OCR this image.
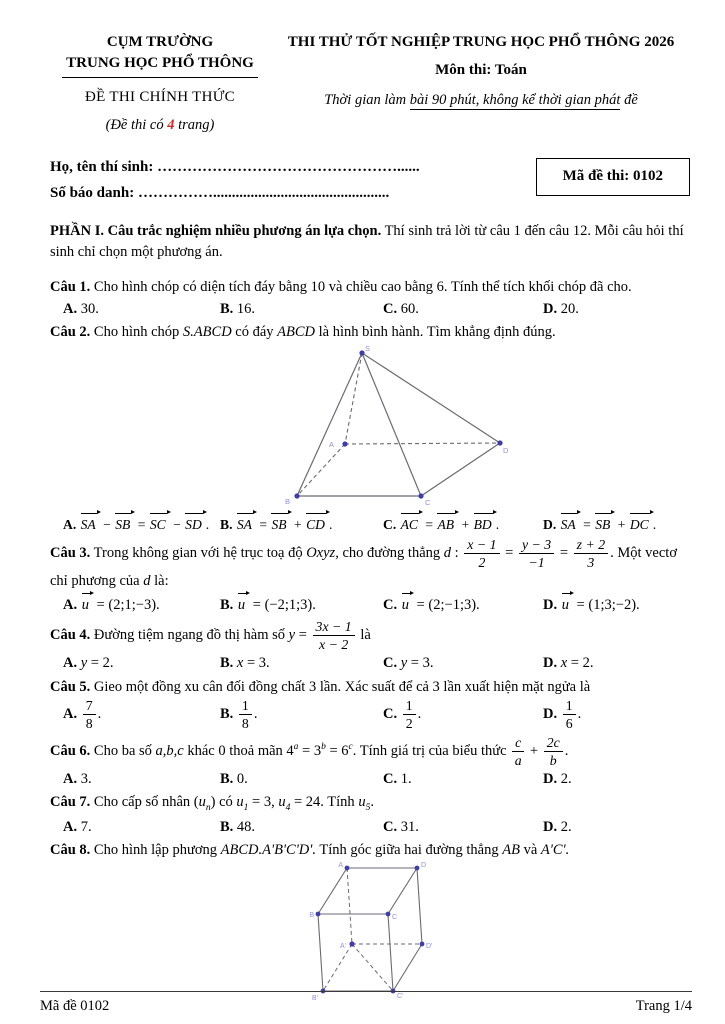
CỤM TRƯỜNG
TRUNG HỌC PHỔ THÔNG
ĐỀ THI CHÍNH THỨC
(Đề thi có 4 trang)
THI THỬ TỐT NGHIỆP TRUNG HỌC PHỔ THÔNG 2026
Môn thi: Toán
Thời gian làm bài 90 phút, không kể thời gian phát đề
Họ, tên thí sinh: …………………………………………......
Số báo danh: ……………...............................................
Mã đề thi: 0102

PHẦN I. Câu trắc nghiệm nhiều phương án lựa chọn. Thí sinh trả lời từ câu 1 đến câu 12. Mỗi câu hỏi thí sinh chỉ chọn một phương án.

Câu 1. Cho hình chóp có diện tích đáy bằng 10 và chiều cao bằng 6. Tính thể tích khối chóp đã cho.

A. 30.	B. 16.	C. 60.	D. 20.

Câu 2. Cho hình chóp S.ABCD có đáy ABCD là hình bình hành. Tìm khẳng định đúng.

S
A
B	C
D
A. SA − SB = SC − SD . B. SA = SB + CD .	C. AC = AB + BD .	D. SA = SB + DC .

Câu 3. Trong không gian với hệ trục toạ độ Oxyz, cho đường thẳng d : $\frac{x - 1}{2} = \frac{y - 3}{-1} = \frac{z + 2}{3}$ . Một vectơ chỉ phương của d là:

A. u = (2;1;−3).	B. u = (−2;1;3).	C. u = (2;−1;3).	D. u = (1;3;−2).

Câu 4. Đường tiệm ngang đồ thị hàm số $y = \frac{3x - 1}{x - 2}$ là

A. y = 2.	B. x = 3.	C. y = 3.	D. x = 2.

Câu 5. Gieo một đồng xu cân đối đồng chất 3 lần. Xác suất để cả 3 lần xuất hiện mặt ngửa là

A. $\frac{7}{8}$ .	B. $\frac{1}{8}$ .	C. $\frac{1}{2}$ .	D. $\frac{1}{6}$ .

Câu 6. Cho ba số a,b,c khác 0 thoả mãn $4^a = 3^b = 6^c$. Tính giá trị của biểu thức $\frac{c}{a} + \frac{2c}{b}$ .

A. 3.	B. 0.	C. 1.	D. 2.

Câu 7. Cho cấp số nhân $(u_n)$ có $u_1 = 3$, $u_4 = 24$. Tính $u_5$.

A. 7.	B. 48.	C. 31.	D. 2.

Câu 8. Cho hình lập phương ABCD.A'B'C'D'. Tính góc giữa hai đường thẳng AB và A'C'.

A	D
B	C
A'	D'
B'	C'
Mã đề 0102	Trang 1/4
